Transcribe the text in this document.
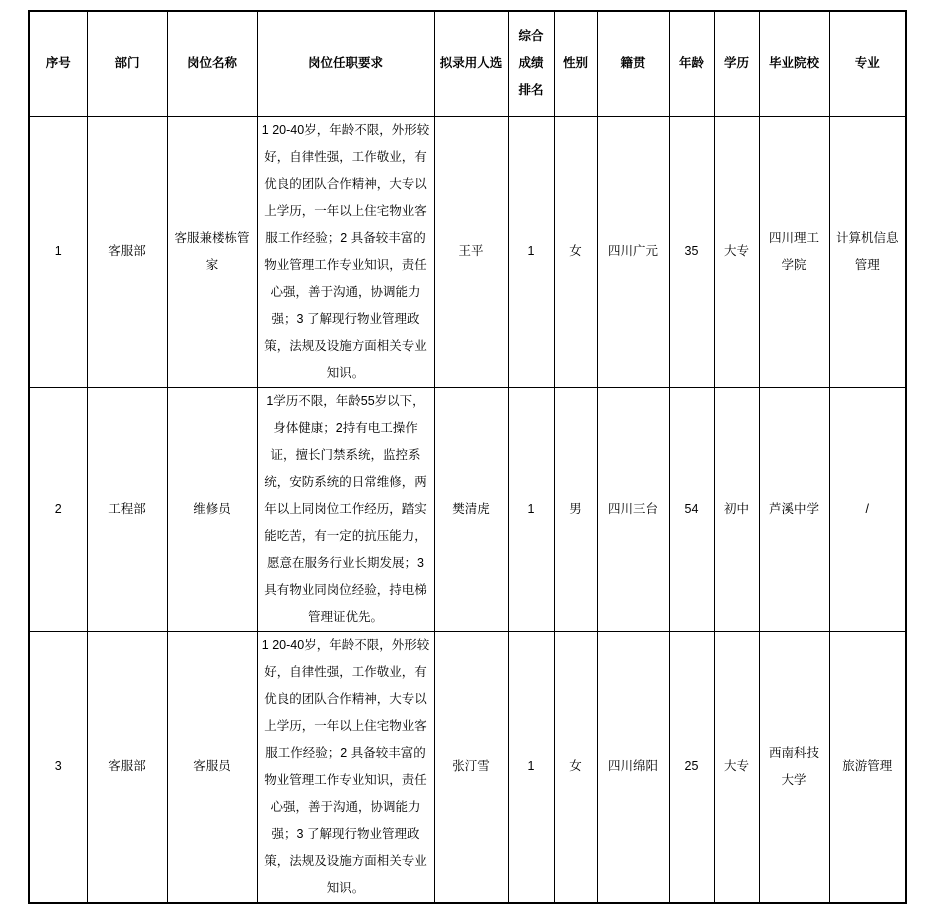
序号	部门	岗位名称	岗位任职要求	拟录用人选	综合成绩排名	性别	籍贯	年龄	学历	毕业院校	专业
1	客服部	客服兼楼栋管家	1 20-40岁，年龄不限，外形较好，自律性强，工作敬业，有优良的团队合作精神，大专以上学历，一年以上住宅物业客服工作经验；2 具备较丰富的物业管理工作专业知识，责任心强，善于沟通，协调能力强；3 了解现行物业管理政策，法规及设施方面相关专业知识。	王平	1	女	四川广元	35	大专	四川理工学院	计算机信息管理
2	工程部	维修员	1学历不限，年龄55岁以下，身体健康；2持有电工操作证，擅长门禁系统，监控系统，安防系统的日常维修，两年以上同岗位工作经历，踏实能吃苦，有一定的抗压能力，愿意在服务行业长期发展；3具有物业同岗位经验，持电梯管理证优先。	樊清虎	1	男	四川三台	54	初中	芦溪中学	/
3	客服部	客服员	1 20-40岁，年龄不限，外形较好，自律性强，工作敬业，有优良的团队合作精神，大专以上学历，一年以上住宅物业客服工作经验；2 具备较丰富的物业管理工作专业知识，责任心强，善于沟通，协调能力强；3 了解现行物业管理政策，法规及设施方面相关专业知识。	张汀雪	1	女	四川绵阳	25	大专	西南科技大学	旅游管理
